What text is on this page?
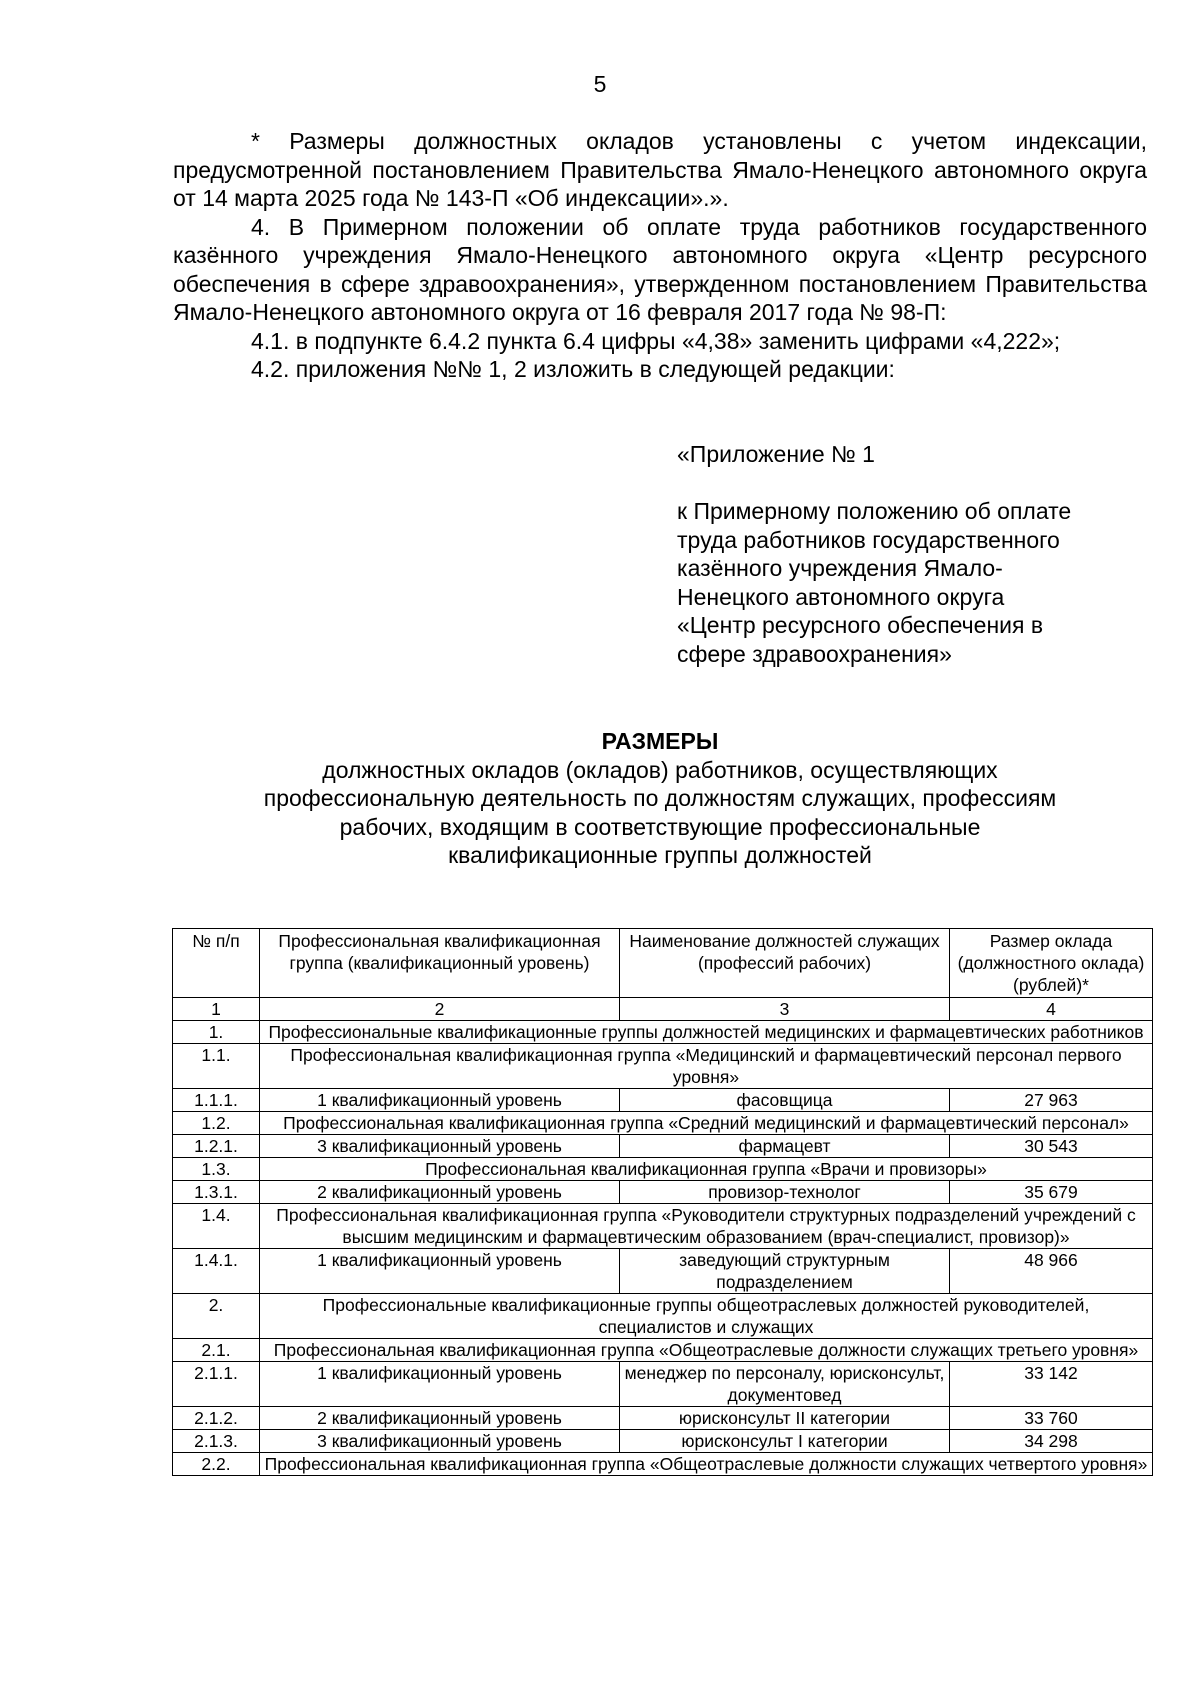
5

* Размеры должностных окладов установлены с учетом индексации, предусмотренной постановлением Правительства Ямало-Ненецкого автономного округа от 14 марта 2025 года № 143-П «Об индексации».».

4. В Примерном положении об оплате труда работников государственного казённого учреждения Ямало-Ненецкого автономного округа «Центр ресурсного обеспечения в сфере здравоохранения», утвержденном постановлением Правительства Ямало-Ненецкого автономного округа от 16 февраля 2017 года № 98-П:

4.1. в подпункте 6.4.2 пункта 6.4 цифры «4,38» заменить цифрами «4,222»;

4.2. приложения №№ 1, 2 изложить в следующей редакции:

«Приложение № 1
к Примерному положению об оплате
труда работников государственного
казённого учреждения Ямало-
Ненецкого автономного округа
«Центр ресурсного обеспечения в
сфере здравоохранения»
РАЗМЕРЫ
должностных окладов (окладов) работников, осуществляющих
профессиональную деятельность по должностям служащих, профессиям
рабочих, входящим в соответствующие профессиональные
квалификационные группы должностей
№ п/п	Профессиональная квалификационная группа (квалификационный уровень)	Наименование должностей служащих (профессий рабочих)	Размер оклада (должностного оклада) (рублей)*
1	2	3	4
1.	Профессиональные квалификационные группы должностей медицинских и фармацевтических работников		
1.1.	Профессиональная квалификационная группа «Медицинский и фармацевтический персонал первого уровня»		
1.1.1.	1 квалификационный уровень	фасовщица	27 963
1.2.	Профессиональная квалификационная группа «Средний медицинский и фармацевтический персонал»		
1.2.1.	3 квалификационный уровень	фармацевт	30 543
1.3.	Профессиональная квалификационная группа «Врачи и провизоры»		
1.3.1.	2 квалификационный уровень	провизор-технолог	35 679
1.4.	Профессиональная квалификационная группа «Руководители структурных подразделений учреждений с высшим медицинским и фармацевтическим образованием (врач-специалист, провизор)»		
1.4.1.	1 квалификационный уровень	заведующий структурным подразделением	48 966
2.	Профессиональные квалификационные группы общеотраслевых должностей руководителей, специалистов и служащих		
2.1.	Профессиональная квалификационная группа «Общеотраслевые должности служащих третьего уровня»		
2.1.1.	1 квалификационный уровень	менеджер по персоналу, юрисконсульт, документовед	33 142
2.1.2.	2 квалификационный уровень	юрисконсульт II категории	33 760
2.1.3.	3 квалификационный уровень	юрисконсульт I категории	34 298
2.2.	Профессиональная квалификационная группа «Общеотраслевые должности служащих четвертого уровня»		
